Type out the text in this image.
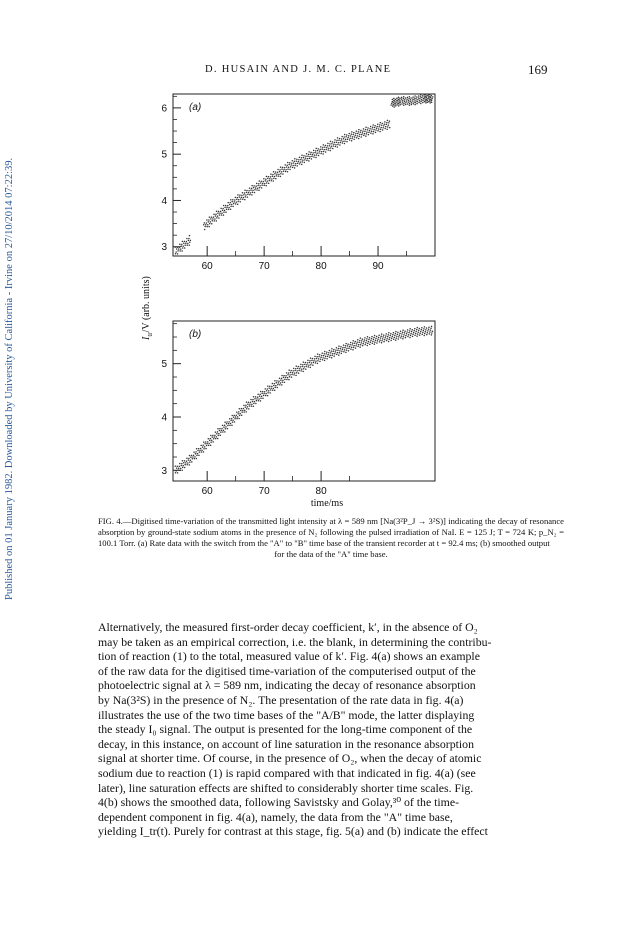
Published on 01 January 1982. Downloaded by University of California - Irvine on 27/10/2014 07:22:39.
D. HUSAIN AND J. M. C. PLANE	169
(a)
3
4
5
6
60	70	80	90
(b)
3
4
5
60	70	80
$I_{tr}/V$ (arb. units)
time/ms
FIG. 4.—Digitised time-variation of the transmitted light intensity at λ = 589 nm [Na(3²P_J → 3²S)] indicating the decay of resonance absorption by ground-state sodium atoms in the presence of N₂ following the pulsed irradiation of NaI. E = 125 J; T = 724 K; p_N₂ = 100.1 Torr. (a) Rate data with the switch from the "A" to "B" time base of the transient recorder at t = 92.4 ms; (b) smoothed output
for the data of the "A" time base.

Alternatively, the measured first-order decay coefficient, k′, in the absence of O₂

may be taken as an empirical correction, i.e. the blank, in determining the contribu-

tion of reaction (1) to the total, measured value of k′. Fig. 4(a) shows an example

of the raw data for the digitised time-variation of the computerised output of the

photoelectric signal at λ = 589 nm, indicating the decay of resonance absorption

by Na(3²S) in the presence of N₂. The presentation of the rate data in fig. 4(a)

illustrates the use of the two time bases of the "A/B" mode, the latter displaying

the steady I₀ signal. The output is presented for the long-time component of the

decay, in this instance, on account of line saturation in the resonance absorption

signal at shorter time. Of course, in the presence of O₂, when the decay of atomic

sodium due to reaction (1) is rapid compared with that indicated in fig. 4(a) (see

later), line saturation effects are shifted to considerably shorter time scales. Fig.

4(b) shows the smoothed data, following Savistsky and Golay,³⁰ of the time-

dependent component in fig. 4(a), namely, the data from the "A" time base,

yielding I_tr(t). Purely for contrast at this stage, fig. 5(a) and (b) indicate the effect
